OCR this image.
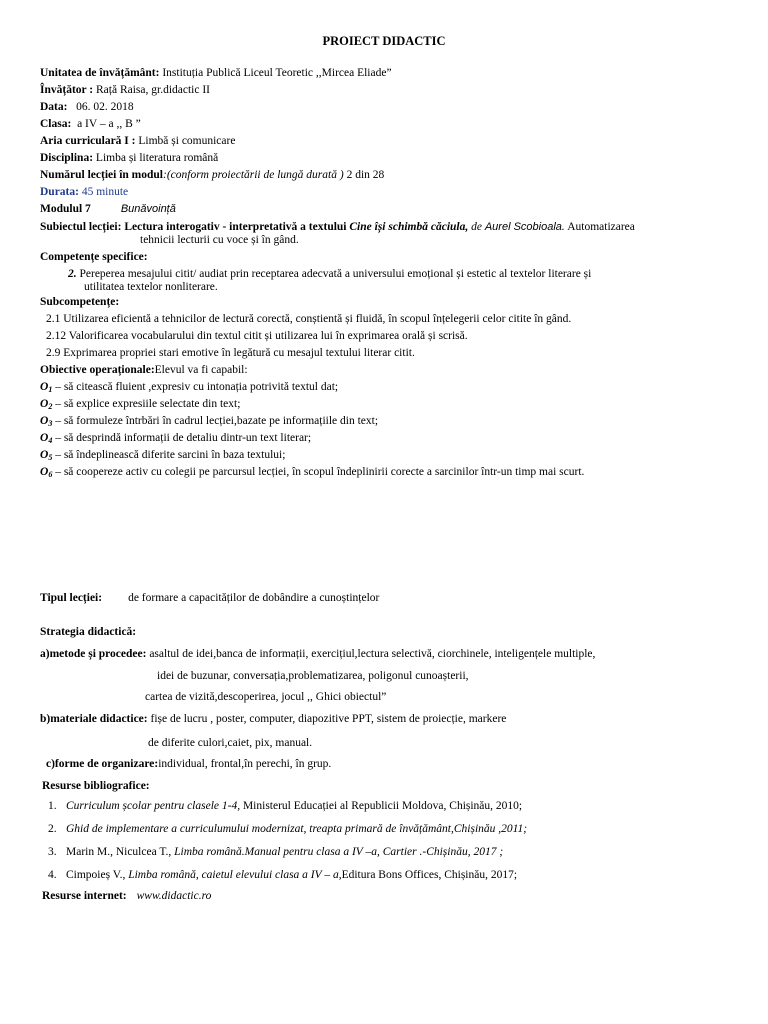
PROIECT DIDACTIC
Unitatea de învățământ: Instituția Publică Liceul Teoretic ,,Mircea Eliade”
Învățător : Rață Raisa, gr.didactic II
Data:   06. 02. 2018
Clasa:  a IV – a ,, B ”
Aria curriculară I : Limbă și comunicare
Disciplina: Limba și literatura română
Numărul lecției în modul:(conform proiectării de lungă durată ) 2 din 28
Durata: 45 minute
Modulul 7	Bunăvoință
Subiectul lecției: Lectura interogativ - interpretativă a textului Cine își schimbă căciula, de Aurel Scobioala. Automatizarea
tehnicii lecturii cu voce și în gând.
Competențe specifice:
2. Pereperea mesajului citit/ audiat prin receptarea adecvată a universului emoțional și estetic al textelor literare și
utilitatea textelor nonliterare.
Subcompetențe:
2.1 Utilizarea eficientă a tehnicilor de lectură corectă, conștientă și fluidă, în scopul înțelegerii celor citite în gând.
2.12 Valorificarea vocabularului din textul citit și utilizarea lui în exprimarea orală și scrisă.
2.9 Exprimarea propriei stari emotive în legătură cu mesajul textului literar citit.
Obiective operaționale:Elevul va fi capabil:
$O_1$ – să citească fluient ,expresiv cu intonația potrivită textul dat;
$O_2$ – să explice expresiile selectate din text;
$O_3$ – să formuleze întrbări în cadrul lecției,bazate pe informațiile din text;
$O_4$ – să desprindă informații de detaliu dintr-un text literar;
$O_5$ – să îndeplinească diferite sarcini în baza textului;
$O_6$ – să coopereze activ cu colegii pe parcursul lecției, în scopul îndeplinirii corecte a sarcinilor într-un timp mai scurt.
Tipul lecției: de formare a capacităților de dobândire a cunoștințelor
Strategia didactică:
a)metode și procedee: asaltul de idei,banca de informații, exercițiul,lectura selectivă, ciorchinele, inteligențele multiple,
idei de buzunar, conversația,problematizarea, poligonul cunoașterii,
cartea de vizită,descoperirea, jocul ,, Ghici obiectul”
b)materiale didactice: fișe de lucru , poster, computer, diapozitive PPT, sistem de proiecție, markere
de diferite culori,caiet, pix, manual.
c)forme de organizare:individual, frontal,în perechi, în grup.
Resurse bibliografice:
1. Curriculum școlar pentru clasele 1-4, Ministerul Educației al Republicii Moldova, Chișinău, 2010;
2. Ghid de implementare a curriculumului modernizat, treapta primară de învățământ,Chișinău ,2011;
3. Marin M., Niculcea T., Limba română.Manual pentru clasa a IV –a, Cartier .-Chișinău, 2017 ;
4. Cimpoieș V., Limba română, caietul elevului clasa a IV – a,Editura Bons Offices, Chișinău, 2017;
Resurse internet: www.didactic.ro
